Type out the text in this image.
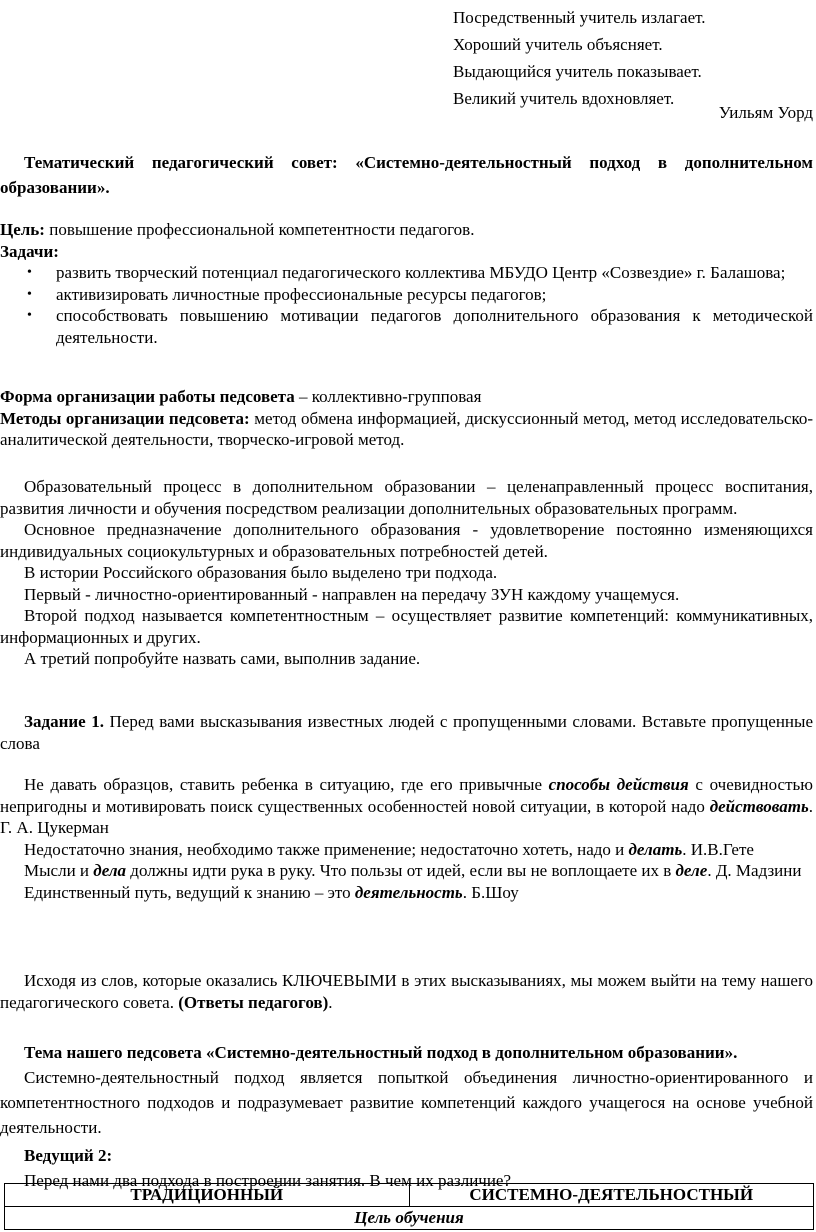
Посредственный учитель излагает.
Хороший учитель объясняет.
Выдающийся учитель показывает.
Великий учитель вдохновляет.
Уильям Уорд

Тематический педагогический совет: «Системно-деятельностный подход в дополнительном образовании».

Цель: повышение профессиональной компетентности педагогов.

Задачи:

• развить творческий потенциал педагогического коллектива МБУДО Центр «Созвездие» г. Балашова;
• активизировать личностные профессиональные ресурсы педагогов;
• способствовать повышению мотивации педагогов дополнительного образования к методической деятельности.

Форма организации работы педсовета – коллективно-групповая

Методы организации педсовета: метод обмена информацией, дискуссионный метод, метод исследовательско-аналитической деятельности, творческо-игровой метод.

Образовательный процесс в дополнительном образовании – целенаправленный процесс воспитания, развития личности и обучения посредством реализации дополнительных образовательных программ.

Основное предназначение дополнительного образования - удовлетворение постоянно изменяющихся индивидуальных социокультурных и образовательных потребностей детей.

В истории Российского образования было выделено три подхода.

Первый - личностно-ориентированный - направлен на передачу ЗУН каждому учащемуся.

Второй подход называется компетентностным – осуществляет развитие компетенций: коммуникативных, информационных и других.

А третий попробуйте назвать сами, выполнив задание.

Задание 1. Перед вами высказывания известных людей с пропущенными словами. Вставьте пропущенные слова

Не давать образцов, ставить ребенка в ситуацию, где его привычные способы действия с очевидностью непригодны и мотивировать поиск существенных особенностей новой ситуации, в которой надо действовать. Г. А. Цукерман

Недостаточно знания, необходимо также применение; недостаточно хотеть, надо и делать. И.В.Гете

Мысли и дела должны идти рука в руку. Что пользы от идей, если вы не воплощаете их в деле. Д. Мадзини

Единственный путь, ведущий к знанию – это деятельность. Б.Шоу

Исходя из слов, которые оказались КЛЮЧЕВЫМИ в этих высказываниях, мы можем выйти на тему нашего педагогического совета. (Ответы педагогов).

Тема нашего педсовета «Системно-деятельностный подход в дополнительном образовании».

Системно-деятельностный подход является попыткой объединения личностно-ориентированного и компетентностного подходов и подразумевает развитие компетенций каждого учащегося на основе учебной деятельности.

Ведущий 2:

Перед нами два подхода в построении занятия. В чем их различие?

ТРАДИЦИОННЫЙ	СИСТЕМНО-ДЕЯТЕЛЬНОСТНЫЙ
Цель обучения
